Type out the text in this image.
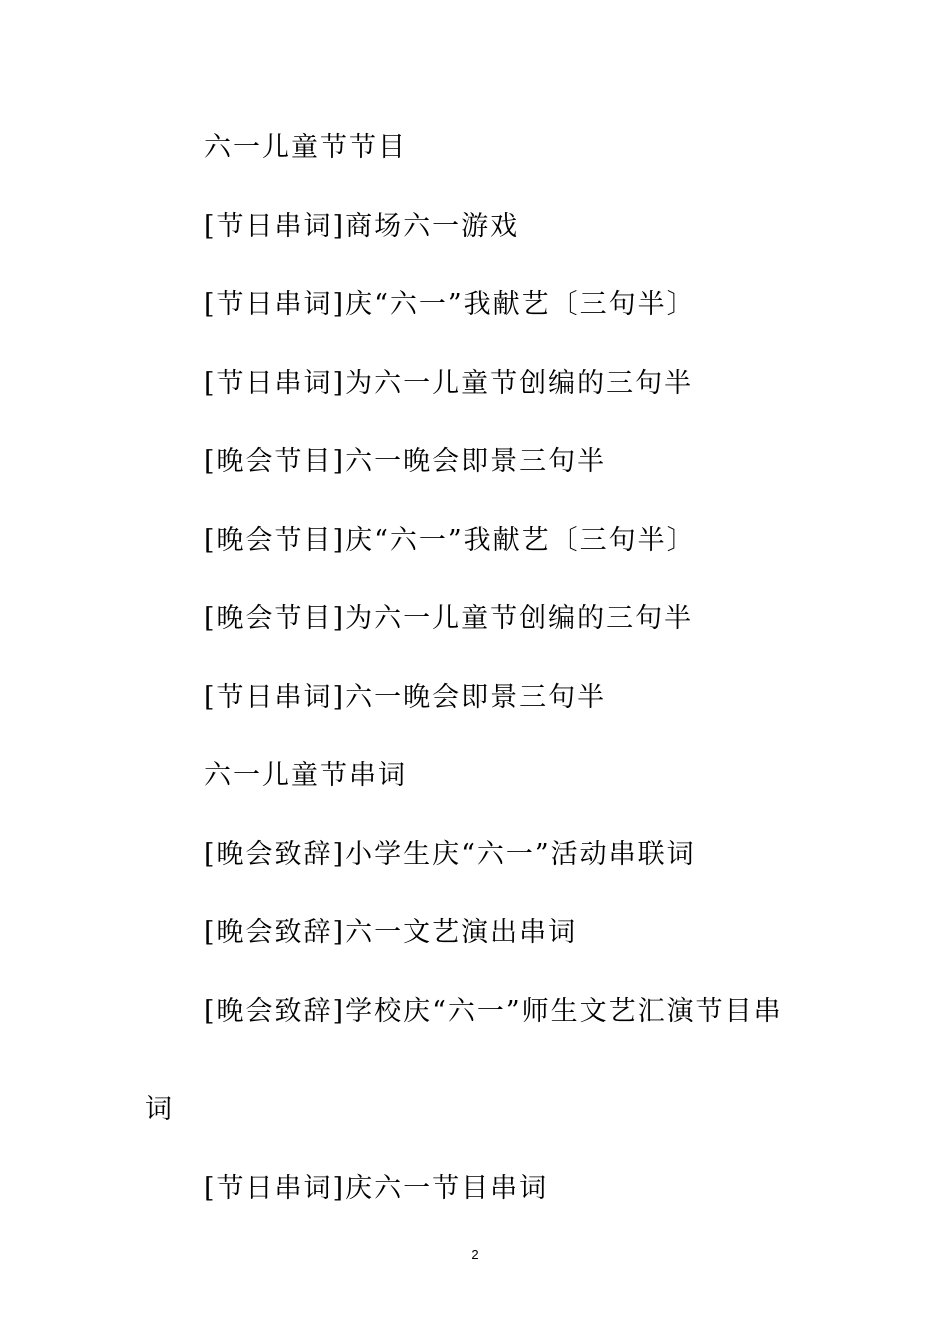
六一儿童节节目
[节日串词]商场六一游戏
[节日串词]庆“六一”我献艺〔三句半〕
[节日串词]为六一儿童节创编的三句半
[晚会节目]六一晚会即景三句半
[晚会节目]庆“六一”我献艺〔三句半〕
[晚会节目]为六一儿童节创编的三句半
[节日串词]六一晚会即景三句半
六一儿童节串词
[晚会致辞]小学生庆“六一”活动串联词
[晚会致辞]六一文艺演出串词
[晚会致辞]学校庆“六一”师生文艺汇演节目串
词
[节日串词]庆六一节目串词
2
